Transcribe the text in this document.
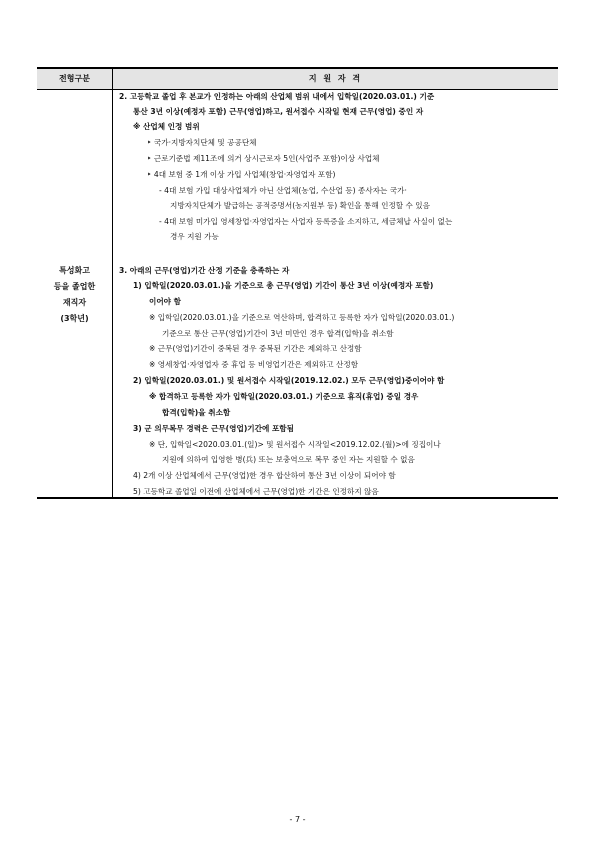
전형구분	지 원 자 격
특성화고
등을 졸업한
재직자
(3학년)
2. 고등학교 졸업 후 본교가 인정하는 아래의 산업체 범위 내에서 입학일(2020.03.01.) 기준
통산 3년 이상(예정자 포함) 근무(영업)하고, 원서접수 시작일 현재 근무(영업) 중인 자
※ 산업체 인정 범위
‣ 국가·지방자치단체 및 공공단체
‣ 근로기준법 제11조에 의거 상시근로자 5인(사업주 포함)이상 사업체
‣ 4대 보험 중 1개 이상 가입 사업체(창업·자영업자 포함)
- 4대 보험 가입 대상사업체가 아닌 산업체(농업, 수산업 등) 종사자는 국가·
지방자치단체가 발급하는 공적증명서(농지원부 등) 확인을 통해 인정할 수 있음
- 4대 보험 미가입 영세창업·자영업자는 사업자 등록증을 소지하고, 세금체납 사실이 없는
경우 지원 가능
3. 아래의 근무(영업)기간 산정 기준을 충족하는 자
1) 입학일(2020.03.01.)을 기준으로 총 근무(영업) 기간이 통산 3년 이상(예정자 포함)
이어야 함
※ 입학일(2020.03.01.)을 기준으로 역산하며, 합격하고 등록한 자가 입학일(2020.03.01.)
기준으로 통산 근무(영업)기간이 3년 미만인 경우 합격(입학)을 취소함
※ 근무(영업)기간이 중복된 경우 중복된 기간은 제외하고 산정함
※ 영세창업·자영업자 중 휴업 등 비영업기간은 제외하고 산정함
2) 입학일(2020.03.01.) 및 원서접수 시작일(2019.12.02.) 모두 근무(영업)중이어야 함
※ 합격하고 등록한 자가 입학일(2020.03.01.) 기준으로 휴직(휴업) 중일 경우
합격(입학)을 취소함
3) 군 의무복무 경력은 근무(영업)기간에 포함됨
※ 단, 입학일<2020.03.01.(일)> 및 원서접수 시작일<2019.12.02.(월)>에 징집이나
지원에 의하여 입영한 병(兵) 또는 보충역으로 복무 중인 자는 지원할 수 없음
4) 2개 이상 산업체에서 근무(영업)한 경우 합산하여 통산 3년 이상이 되어야 함
5) 고등학교 졸업일 이전에 산업체에서 근무(영업)한 기간은 인정하지 않음
- 7 -
